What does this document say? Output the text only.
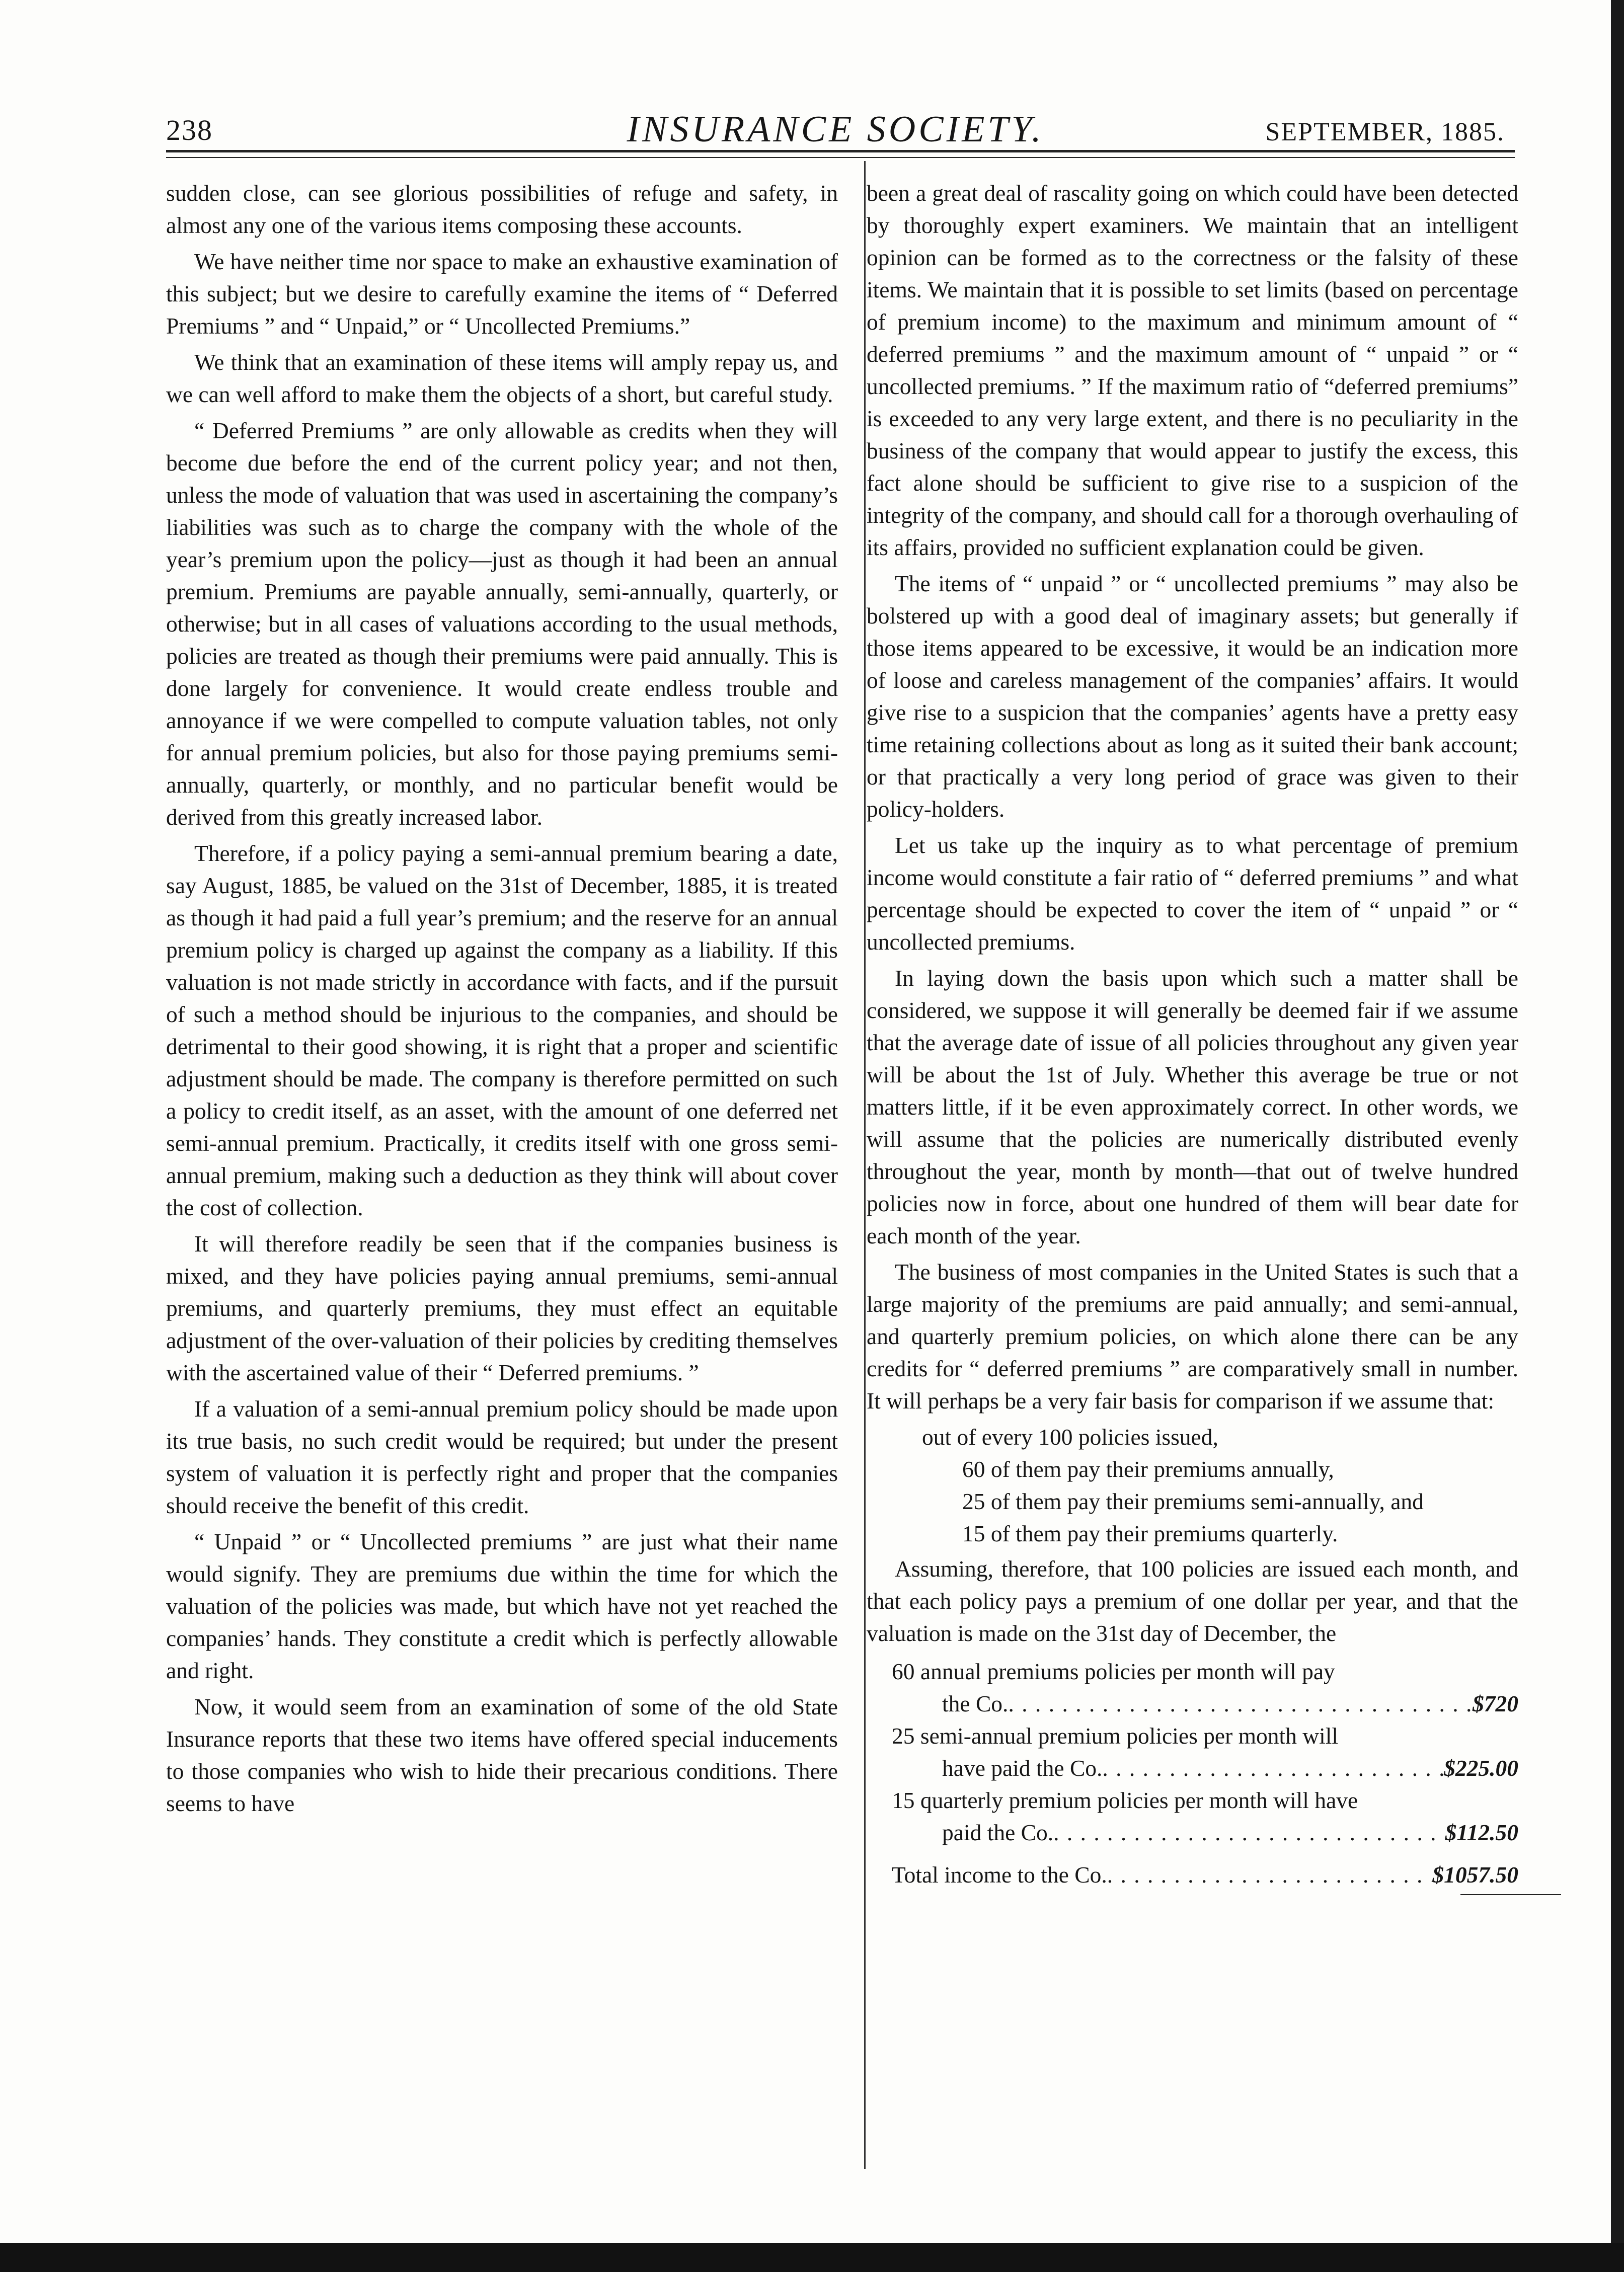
238	INSURANCE SOCIETY.	SEPTEMBER, 1885.

sudden close, can see glorious possibilities of refuge and safety, in almost any one of the various items composing these accounts.

We have neither time nor space to make an exhaustive examination of this subject; but we desire to carefully examine the items of “ Deferred Premiums ” and “ Unpaid,” or “ Uncollected Premiums.”

We think that an examination of these items will amply repay us, and we can well afford to make them the objects of a short, but careful study.

“ Deferred Premiums ” are only allowable as credits when they will become due before the end of the current policy year; and not then, unless the mode of valuation that was used in ascertaining the company’s liabilities was such as to charge the company with the whole of the year’s premium upon the policy—just as though it had been an annual premium. Premiums are payable annually, semi-annually, quarterly, or otherwise; but in all cases of valuations according to the usual methods, policies are treated as though their premiums were paid annually. This is done largely for convenience. It would create endless trouble and annoyance if we were compelled to compute valuation tables, not only for annual premium policies, but also for those paying premiums semi-annually, quarterly, or monthly, and no particular benefit would be derived from this greatly increased labor.

Therefore, if a policy paying a semi-annual premium bearing a date, say August, 1885, be valued on the 31st of December, 1885, it is treated as though it had paid a full year’s premium; and the reserve for an annual premium policy is charged up against the company as a liability. If this valuation is not made strictly in accordance with facts, and if the pursuit of such a method should be injurious to the companies, and should be detrimental to their good showing, it is right that a proper and scientific adjustment should be made. The company is therefore permitted on such a policy to credit itself, as an asset, with the amount of one deferred net semi-annual premium. Practically, it credits itself with one gross semi-annual premium, making such a deduction as they think will about cover the cost of collection.

It will therefore readily be seen that if the companies business is mixed, and they have policies paying annual premiums, semi-annual premiums, and quarterly premiums, they must effect an equitable adjustment of the over-valuation of their policies by crediting themselves with the ascertained value of their “ Deferred premiums. ”

If a valuation of a semi-annual premium policy should be made upon its true basis, no such credit would be required; but under the present system of valuation it is perfectly right and proper that the companies should receive the benefit of this credit.

“ Unpaid ” or “ Uncollected premiums ” are just what their name would signify. They are premiums due within the time for which the valuation of the policies was made, but which have not yet reached the companies’ hands. They constitute a credit which is perfectly allowable and right.

Now, it would seem from an examination of some of the old State Insurance reports that these two items have offered special inducements to those companies who wish to hide their precarious conditions. There seems to have

been a great deal of rascality going on which could have been detected by thoroughly expert examiners. We maintain that an intelligent opinion can be formed as to the correctness or the falsity of these items. We maintain that it is possible to set limits (based on percentage of premium income) to the maximum and minimum amount of “ deferred premiums ” and the maximum amount of “ unpaid ” or “ uncollected premiums. ” If the maximum ratio of “deferred premiums” is exceeded to any very large extent, and there is no peculiarity in the business of the company that would appear to justify the excess, this fact alone should be sufficient to give rise to a suspicion of the integrity of the company, and should call for a thorough overhauling of its affairs, provided no sufficient explanation could be given.

The items of “ unpaid ” or “ uncollected premiums ” may also be bolstered up with a good deal of imaginary assets; but generally if those items appeared to be excessive, it would be an indication more of loose and careless management of the companies’ affairs. It would give rise to a suspicion that the companies’ agents have a pretty easy time retaining collections about as long as it suited their bank account; or that practically a very long period of grace was given to their policy-holders.

Let us take up the inquiry as to what percentage of premium income would constitute a fair ratio of “ deferred premiums ” and what percentage should be expected to cover the item of “ unpaid ” or “ uncollected premiums.

In laying down the basis upon which such a matter shall be considered, we suppose it will generally be deemed fair if we assume that the average date of issue of all policies throughout any given year will be about the 1st of July. Whether this average be true or not matters little, if it be even approximately correct. In other words, we will assume that the policies are numerically distributed evenly throughout the year, month by month—that out of twelve hundred policies now in force, about one hundred of them will bear date for each month of the year.

The business of most companies in the United States is such that a large majority of the premiums are paid annually; and semi-annual, and quarterly premium policies, on which alone there can be any credits for “ deferred premiums ” are comparatively small in number. It will perhaps be a very fair basis for comparison if we assume that:

out of every 100 policies issued,
60 of them pay their premiums annually,
25 of them pay their premiums semi-annually, and
15 of them pay their premiums quarterly.

Assuming, therefore, that 100 policies are issued each month, and that each policy pays a premium of one dollar per year, and that the valuation is made on the 31st day of December, the

60 annual premiums policies per month will pay
the Co. . . .	$720
25 semi-annual premium policies per month will
have paid the Co. . . .	$225.00
15 quarterly premium policies per month will have
paid the Co. . . .	$112.50
Total income to the Co. . . .	$1057.50
